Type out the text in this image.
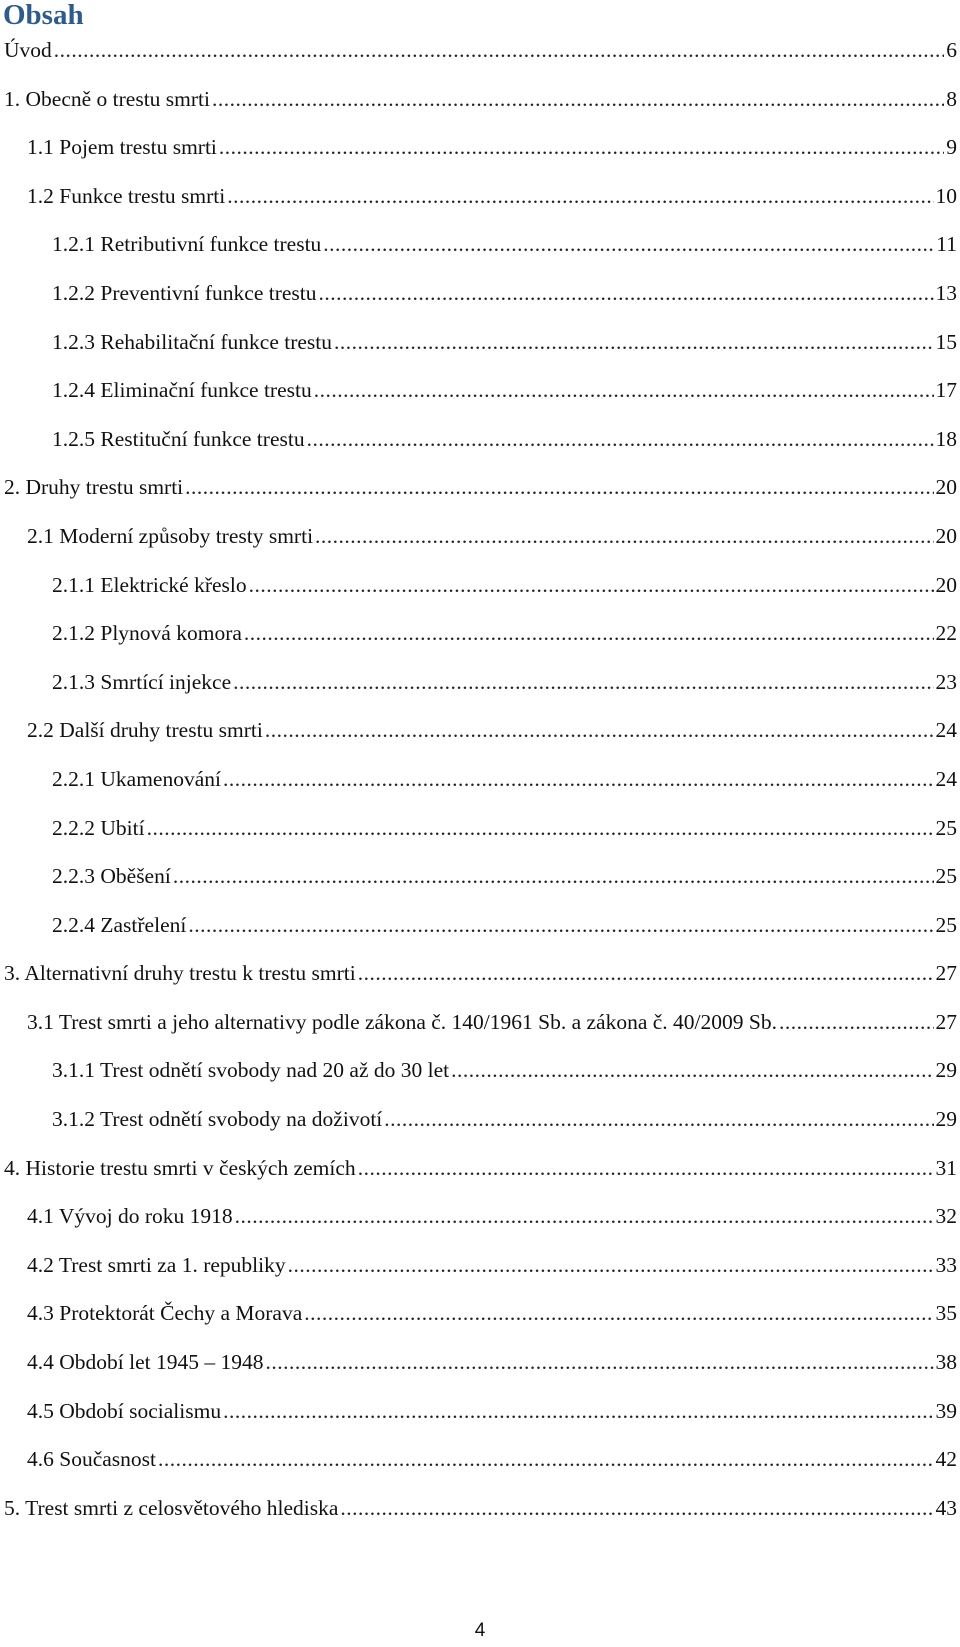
Obsah
Úvod .....	6
1. Obecně o trestu smrti .....	8
1.1 Pojem trestu smrti .....	9
1.2 Funkce trestu smrti .....	10
1.2.1 Retributivní funkce trestu .....	11
1.2.2 Preventivní funkce trestu .....	13
1.2.3 Rehabilitační funkce trestu .....	15
1.2.4 Eliminační funkce trestu .....	17
1.2.5 Restituční funkce trestu .....	18
2. Druhy trestu smrti .....	20
2.1 Moderní způsoby tresty smrti .....	20
2.1.1 Elektrické křeslo .....	20
2.1.2 Plynová komora .....	22
2.1.3 Smrtící injekce .....	23
2.2 Další druhy trestu smrti .....	24
2.2.1 Ukamenování .....	24
2.2.2 Ubití .....	25
2.2.3 Oběšení .....	25
2.2.4 Zastřelení .....	25
3. Alternativní druhy trestu k trestu smrti .....	27
3.1 Trest smrti a jeho alternativy podle zákona č. 140/1961 Sb. a zákona č. 40/2009 Sb. .....	27
3.1.1 Trest odnětí svobody nad 20 až do 30 let .....	29
3.1.2 Trest odnětí svobody na doživotí .....	29
4. Historie trestu smrti v českých zemích .....	31
4.1 Vývoj do roku 1918 .....	32
4.2 Trest smrti za 1. republiky .....	33
4.3 Protektorát Čechy a Morava .....	35
4.4 Období let 1945 – 1948 .....	38
4.5 Období socialismu .....	39
4.6 Současnost .....	42
5. Trest smrti z celosvětového hlediska .....	43
4
